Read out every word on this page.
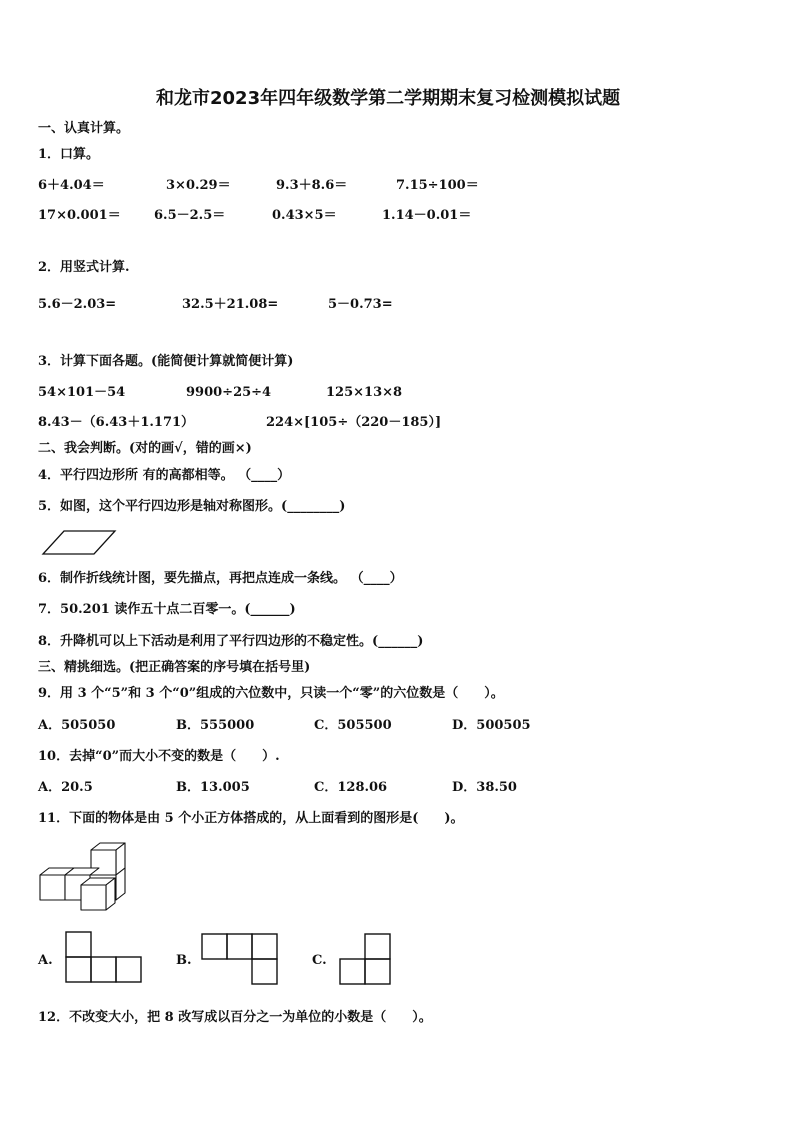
和龙市2023年四年级数学第二学期期末复习检测模拟试题
一、认真计算。
1．口算。
6＋4.04＝	3×0.29＝	9.3＋8.6＝	7.15÷100＝
17×0.001＝	6.5－2.5＝	0.43×5＝	1.14－0.01＝
2．用竖式计算.
5.6－2.03=	32.5＋21.08=	5－0.73=
3．计算下面各题。(能简便计算就简便计算)
54×101－54	9900÷25÷4	125×13×8
8.43－（6.43＋1.171）	224×[105÷（220－185）]
二、我会判断。(对的画√，错的画×)
4．平行四边形所 有的高都相等。 （____）
5．如图，这个平行四边形是轴对称图形。(________)
6．制作折线统计图，要先描点，再把点连成一条线。 （____）
7．50.201 读作五十点二百零一。(______)
8．升降机可以上下活动是利用了平行四边形的不稳定性。(______)
三、精挑细选。(把正确答案的序号填在括号里)
9．用 3 个“5”和 3 个“0”组成的六位数中，只读一个“零”的六位数是（　　）。
A．505050	B．555000	C．505500	D．500505
10．去掉“0”而大小不变的数是（　　）.
A．20.5	B．13.005	C．128.06	D．38.50
11．下面的物体是由 5 个小正方体搭成的，从上面看到的图形是(　　)。
A.	B.	C.
12．不改变大小，把 8 改写成以百分之一为单位的小数是（　　）。
